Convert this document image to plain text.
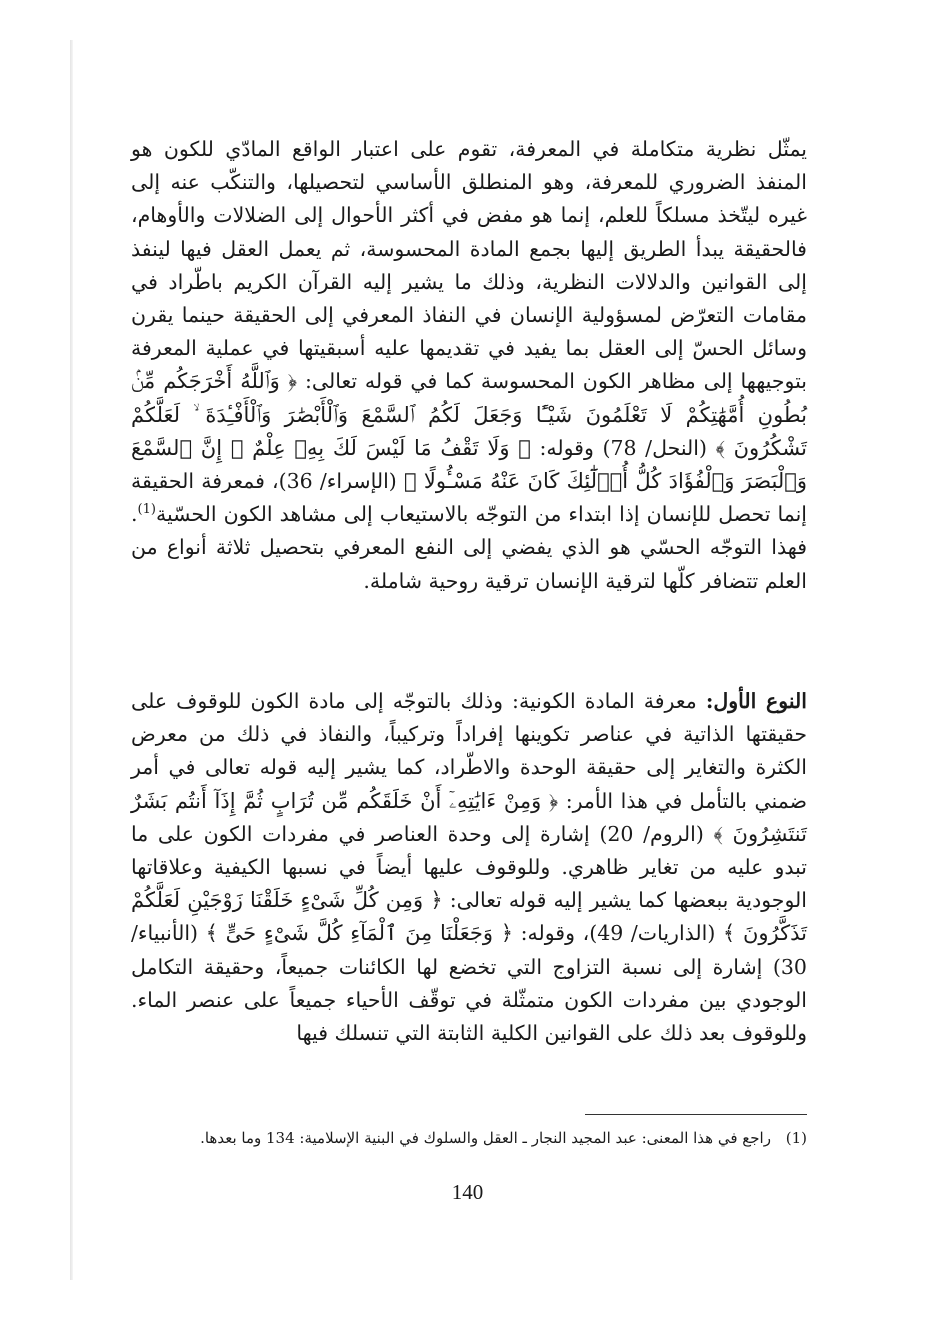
يمثّل نظرية متكاملة في المعرفة، تقوم على اعتبار الواقع المادّي للكون هو المنفذ الضروري للمعرفة، وهو المنطلق الأساسي لتحصيلها، والتنكّب عنه إلى غيره ليتّخذ مسلكاً للعلم، إنما هو مفض في أكثر الأحوال إلى الضلالات والأوهام، فالحقيقة يبدأ الطريق إليها بجمع المادة المحسوسة، ثم يعمل العقل فيها لينفذ إلى القوانين والدلالات النظرية، وذلك ما يشير إليه القرآن الكريم باطّراد في مقامات التعرّض لمسؤولية الإنسان في النفاذ المعرفي إلى الحقيقة حينما يقرن وسائل الحسّ إلى العقل بما يفيد في تقديمها عليه أسبقيتها في عملية المعرفة بتوجيهها إلى مظاهر الكون المحسوسة كما في قوله تعالى: ﴿ وَٱللَّهُ أَخْرَجَكُم مِّنۢ بُطُونِ أُمَّهَٰتِكُمْ لَا تَعْلَمُونَ شَيْـًٔا وَجَعَلَ لَكُمُ ٱلسَّمْعَ وَٱلْأَبْصَٰرَ وَٱلْأَفْـِٔدَةَ ۙ لَعَلَّكُمْ تَشْكُرُونَ ﴾ (النحل/ 78) وقوله: ﴿ وَلَا تَقْفُ مَا لَيْسَ لَكَ بِهِۦ عِلْمٌ ۚ إِنَّ ٱلسَّمْعَ وَٱلْبَصَرَ وَٱلْفُؤَادَ كُلُّ أُو۟لَٰٓئِكَ كَانَ عَنْهُ مَسْـُٔولًا ﴾ (الإسراء/ 36)، فمعرفة الحقيقة إنما تحصل للإنسان إذا ابتداء من التوجّه بالاستيعاب إلى مشاهد الكون الحسّية$^{(1)}$. فهذا التوجّه الحسّي هو الذي يفضي إلى النفع المعرفي بتحصيل ثلاثة أنواع من العلم تتضافر كلّها لترقية الإنسان ترقية روحية شاملة.
النوع الأول: معرفة المادة الكونية: وذلك بالتوجّه إلى مادة الكون للوقوف على حقيقتها الذاتية في عناصر تكوينها إفراداً وتركيباً، والنفاذ في ذلك من معرض الكثرة والتغاير إلى حقيقة الوحدة والاطّراد، كما يشير إليه قوله تعالى في أمر ضمني بالتأمل في هذا الأمر: ﴿ وَمِنْ ءَايَٰتِهِۦٓ أَنْ خَلَقَكُم مِّن تُرَابٍ ثُمَّ إِذَآ أَنتُم بَشَرٌ تَنتَشِرُونَ ﴾ (الروم/ 20) إشارة إلى وحدة العناصر في مفردات الكون على ما تبدو عليه من تغاير ظاهري. وللوقوف عليها أيضاً في نسبها الكيفية وعلاقاتها الوجودية ببعضها كما يشير إليه قوله تعالى: ﴿ وَمِن كُلِّ شَىْءٍ خَلَقْنَا زَوْجَيْنِ لَعَلَّكُمْ تَذَكَّرُونَ ﴾ (الذاريات/ 49)، وقوله: ﴿ وَجَعَلْنَا مِنَ ٱلْمَآءِ كُلَّ شَىْءٍ حَىٍّ ﴾ (الأنبياء/ 30) إشارة إلى نسبة التزاوج التي تخضع لها الكائنات جميعاً، وحقيقة التكامل الوجودي بين مفردات الكون متمثّلة في توقّف الأحياء جميعاً على عنصر الماء. وللوقوف بعد ذلك على القوانين الكلية الثابتة التي تنسلك فيها
(1) راجع في هذا المعنى: عبد المجيد النجار ـ العقل والسلوك في البنية الإسلامية: 134 وما بعدها.
140
